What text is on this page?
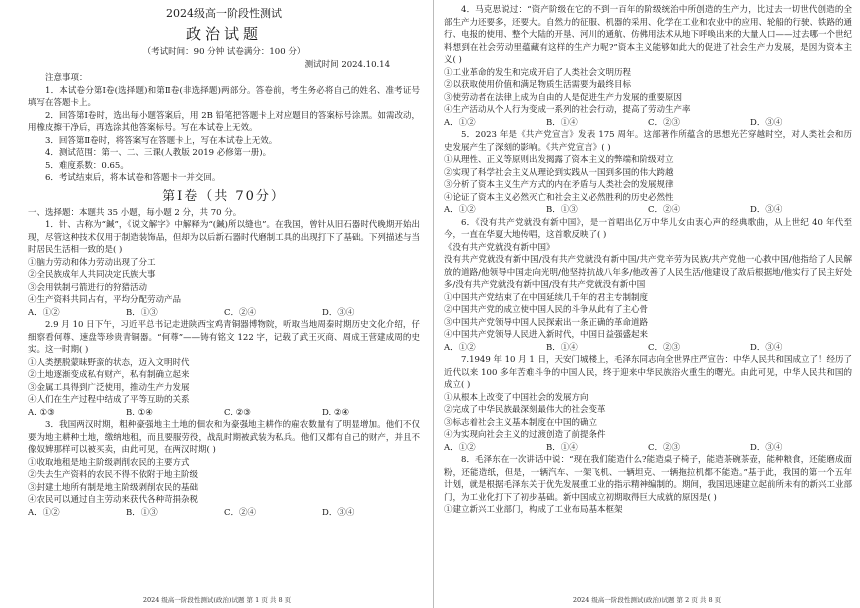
2024级高一阶段性测试
政治试题
（考试时间：90 分钟 试卷满分：100 分）
测试时间 2024.10.14

注意事项：

1．本试卷分第Ⅰ卷(选择题)和第Ⅱ卷(非选择题)两部分。答卷前，考生务必将自己的姓名、准考证号填写在答题卡上。

2．回答第Ⅰ卷时，选出每小题答案后，用 2B 铅笔把答题卡上对应题目的答案标号涂黑。如需改动，用橡皮擦干净后，再选涂其他答案标号。写在本试卷上无效。

3．回答第Ⅱ卷时，将答案写在答题卡上，写在本试卷上无效。

4．测试范围：第一、二、三课(人教版 2019 必修第一册)。

5．难度系数：0.65。

6．考试结束后，将本试卷和答题卡一并交回。

第Ⅰ卷（共 70分）

一、选择题：本题共 35 小题，每小题 2 分，共 70 分。

1．针、古称为“鍼”，《说文解字》中解释为“(鍼)所以缝也”。在我国，曾针从旧石器时代晚期开始出现，尽管这种技术仅用于制造装饰品，但却为以后新石器时代磨制工具的出现打下了基础。下列描述与当时居民生活相一致的是( )

①脑力劳动和体力劳动出现了分工

②全民族成年人共同决定氏族大事

③会用铁制弓箭进行的狩猎活动

④生产资料共同占有，平均分配劳动产品

A．①②	B．①③	C．②④	D．③④

2.9 月 10 日下午，习近平总书记走进陕西宝鸡青铜器博物院，听取当地周秦时期历史文化介绍，仔细察看何尊、速盘等珍贵青铜器。“何尊”——铸有铭文 122 字，记载了武王灭商、周成王营建成周的史实。这一时期( )

①人类摆脱蒙昧野蛮的状态，迈入文明时代

②土地逐渐变成私有财产，私有制确立起来

③金属工具得到广泛使用，推动生产力发展

④人们在生产过程中结成了平等互助的关系

A. ①③	B. ①④	C. ②③	D. ②④

3．我国两汉时期，粗种豪强地主土地的佃农和为豪强地主耕作的雇农数量有了明显增加。他们不仅要为地主耕种土地，缴纳地租，而且要服劳役，战乱时期被武装为私兵。他们又都有自己的财产，并且不像奴婢那样可以被买卖，由此可见，在两汉时期( )

①收取地租是地主阶级剥削农民的主要方式

②失去生产资料的农民不得不依附于地主阶级

③封建土地所有制是地主阶级剥削农民的基础

④农民可以通过自主劳动来获代各种苛捐杂税

A．①②	B．①③	C．②④	D．③④
2024 级高一阶段性测试(政治)试题 第 1 页 共 8 页

4．马克思说过：“资产阶级在它的不到一百年的阶级统治中所创造的生产力，比过去一切世代创造的全部生产力还要多，还要大。自然力的征服、机器的采用、化学在工业和农业中的应用、轮船的行驶、铁路的通行、电报的使用、整个大陆的开垦、河川的通航、仿佛用法术从地下呼唤出来的大量人口——过去哪一个世纪料想到在社会劳动里蕴藏有这样的生产力呢?”资本主义能够如此大的促进了社会生产力发展，是因为资本主义( )

①工业革命的发生和完成开启了人类社会文明历程

②以获取使用价值和满足物质生活需要为最终目标

③使劳动者在法律上成为自由的人是促进生产力发展的重要原因

④生产活动从个人行为变成一系列的社会行动，提高了劳动生产率

A．①②	B．①④	C．②③	D．③④

5．2023 年是《共产党宣言》发表 175 周年。这部著作所蕴含的思想光芒穿越时空，对人类社会和历史发展产生了深刻的影响。《共产党宣言》( )

①从理性、正义等原则出发揭露了资本主义的弊端和阶级对立

②实现了科学社会主义从理论到实践从一国到多国的伟大跨越

③分析了资本主义生产方式的内在矛盾与人类社会的发展规律

④论证了资本主义必然灭亡和社会主义必然胜利的历史必然性

A．①②	B．①③	C．②④	D．③④

6．《没有共产党就没有新中国》，是一首唱出亿万中华儿女由衷心声的经典歌曲，从上世纪 40 年代至今，一直在华夏大地传唱，这首歌反映了( )

《没有共产党就没有新中国》

没有共产党就没有新中国/没有共产党就没有新中国/共产党辛劳为民族/共产党他一心救中国/他指给了人民解放的道路/他领导中国走向光明/他坚持抗战八年多/他改善了人民生活/他建设了敌后根据地/他实行了民主好处多/没有共产党就没有新中国/没有共产党就没有新中国

①中国共产党结束了在中国延续几千年的君主专制制度

②中国共产党的成立使中国人民的斗争从此有了主心骨

③中国共产党领导中国人民探索出一条正确的革命道路

④中国共产党领导人民进入新时代，中国日益强盛起来

A．①②	B．①④	C．②③	D．③④

7.1949 年 10 月 1 日，天安门城楼上，毛泽东同志向全世界庄严宣告：中华人民共和国成立了！经历了近代以来 100 多年苦难斗争的中国人民，终于迎来中华民族浴火重生的曙光。由此可见，中华人民共和国的成立( )

①从根本上改变了中国社会的发展方向

②完成了中华民族最深刻最伟大的社会变革

③标志着社会主义基本制度在中国的确立

④为实现向社会主义的过渡创造了前提条件

A．①②	B．①④	C．②③	D．③④

8．毛泽东在一次讲话中说：“现在我们能造什么?能造桌子椅子，能造茶碗茶壶，能种粮食，还能磨成面粉，还能造纸，但是，一辆汽车、一架飞机、一辆坦克、一辆拖拉机都不能造。”基于此，我国的第一个五年计划，就是根据毛泽东关于优先发展重工业的指示精神编制的。期间，我国迅速建立起前所未有的新兴工业部门，为工业化打下了初步基础。新中国成立初期取得巨大成就的原因是( )

①建立新兴工业部门，构成了工业布局基本框架

2024 级高一阶段性测试(政治)试题 第 2 页 共 8 页
